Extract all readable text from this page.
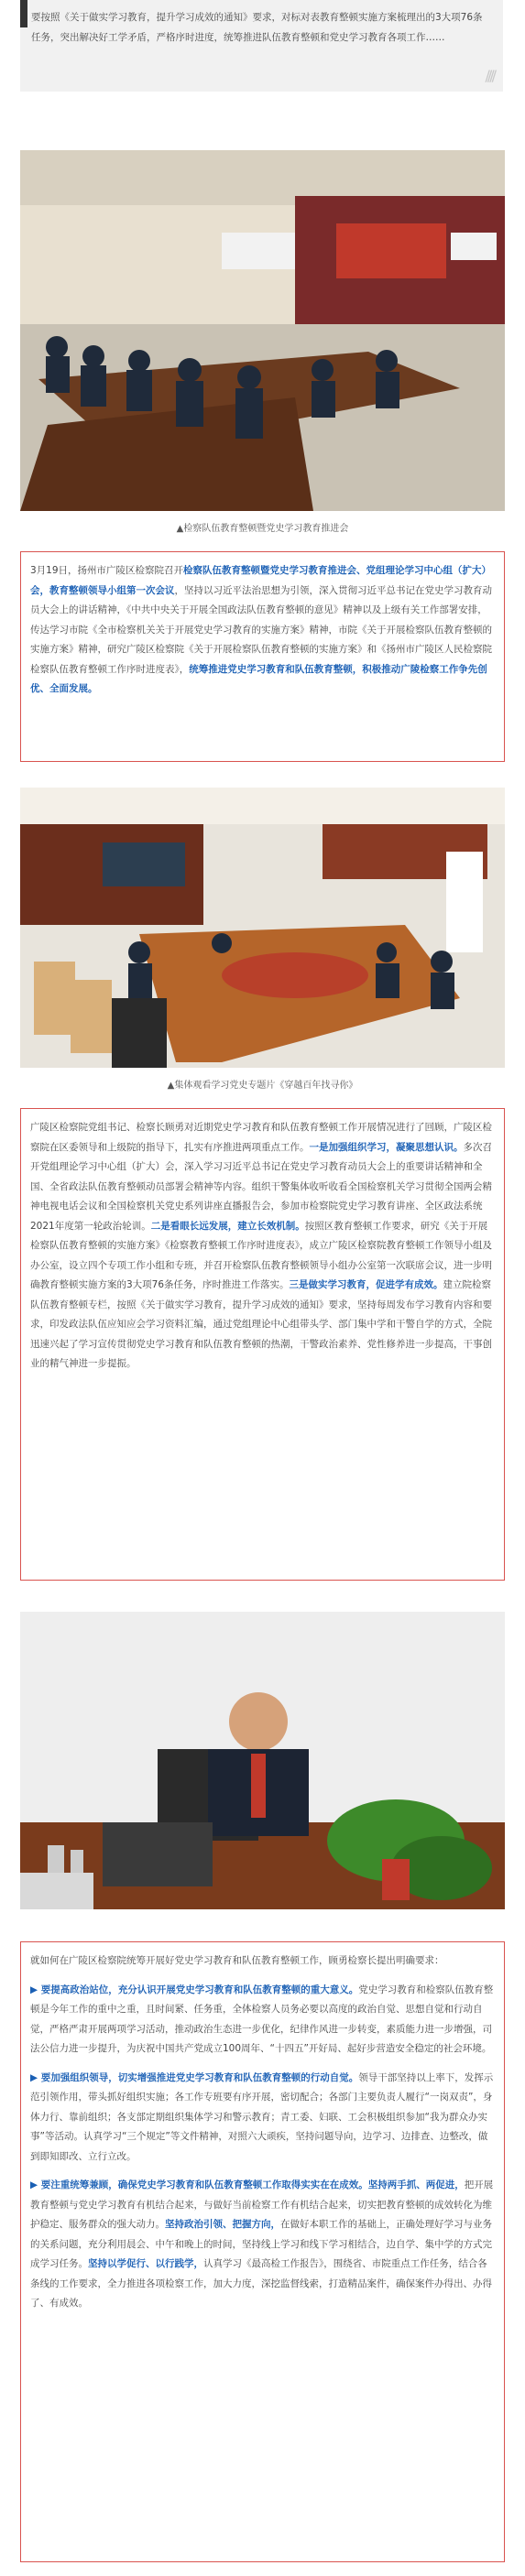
要按照《关于做实学习教育，提升学习成效的通知》要求，对标对表教育整顿实施方案梳理出的3大项76条任务，突出解决好工学矛盾，严格序时进度，统筹推进队伍教育整顿和党史学习教育各项工作……
////
▲检察队伍教育整顿暨党史学习教育推进会
3月19日，扬州市广陵区检察院召开检察队伍教育整顿暨党史学习教育推进会、党组理论学习中心组（扩大）会，教育整顿领导小组第一次会议，坚持以习近平法治思想为引领，深入贯彻习近平总书记在党史学习教育动员大会上的讲话精神，《中共中央关于开展全国政法队伍教育整顿的意见》精神以及上级有关工作部署安排，传达学习市院《全市检察机关关于开展党史学习教育的实施方案》精神，市院《关于开展检察队伍教育整顿的实施方案》精神，研究广陵区检察院《关于开展检察队伍教育整顿的实施方案》和《扬州市广陵区人民检察院检察队伍教育整顿工作序时进度表》，统筹推进党史学习教育和队伍教育整顿，积极推动广陵检察工作争先创优、全面发展。
▲集体观看学习党史专题片《穿越百年找寻你》
广陵区检察院党组书记、检察长顾勇对近期党史学习教育和队伍教育整顿工作开展情况进行了回顾，广陵区检察院在区委领导和上级院的指导下，扎实有序推进两项重点工作。一是加强组织学习，凝聚思想认识。多次召开党组理论学习中心组（扩大）会，深入学习习近平总书记在党史学习教育动员大会上的重要讲话精神和全国、全省政法队伍教育整顿动员部署会精神等内容。组织干警集体收听收看全国检察机关学习贯彻全国两会精神电视电话会议和全国检察机关党史系列讲座直播报告会，参加市检察院党史学习教育讲座、全区政法系统2021年度第一轮政治轮训。二是看眼长远发展，建立长效机制。按照区教育整顿工作要求，研究《关于开展检察队伍教育整顿的实施方案》《检察教育整顿工作序时进度表》，成立广陵区检察院教育整顿工作领导小组及办公室，设立四个专项工作小组和专班，并召开检察队伍教育整顿领导小组办公室第一次联席会议，进一步明确教育整顿实施方案的3大项76条任务，序时推进工作落实。三是做实学习教育，促进学有成效。建立院检察队伍教育整顿专栏，按照《关于做实学习教育，提升学习成效的通知》要求，坚持每周发布学习教育内容和要求，印发政法队伍应知应会学习资料汇编，通过党组理论中心组带头学、部门集中学和干警自学的方式，全院迅速兴起了学习宣传贯彻党史学习教育和队伍教育整顿的热潮，干警政治素养、党性修养进一步提高，干事创业的精气神进一步提振。
就如何在广陵区检察院统筹开展好党史学习教育和队伍教育整顿工作，顾勇检察长提出明确要求：
▶ 要提高政治站位，充分认识开展党史学习教育和队伍教育整顿的重大意义。党史学习教育和检察队伍教育整顿是今年工作的重中之重，且时间紧、任务重，全体检察人员务必要以高度的政治自觉、思想自觉和行动自觉，严格严肃开展两项学习活动，推动政治生态进一步优化，纪律作风进一步转变，素质能力进一步增强，司法公信力进一步提升，为庆祝中国共产党成立100周年、“十四五”开好局、起好步营造安全稳定的社会环境。
▶ 要加强组织领导，切实增强推进党史学习教育和队伍教育整顿的行动自觉。领导干部坚持以上率下，发挥示范引领作用，带头抓好组织实施；各工作专班要有序开展，密切配合；各部门主要负责人履行“一岗双责”，身体力行、靠前组织；各支部定期组织集体学习和警示教育；青工委、妇联、工会积极组织参加“我为群众办实事”等活动。认真学习“三个规定”等文件精神，对照六大顽疾，坚持问题导向，边学习、边排查、边整改，做到即知即改、立行立改。
▶ 要注重统筹兼顾，确保党史学习教育和队伍教育整顿工作取得实实在在成效。坚持两手抓、两促进，把开展教育整顿与党史学习教育有机结合起来，与做好当前检察工作有机结合起来，切实把教育整顿的成效转化为维护稳定、服务群众的强大动力。坚持政治引领、把握方向，在做好本职工作的基础上，正确处理好学习与业务的关系问题，充分利用晨会、中午和晚上的时间，坚持线上学习和线下学习相结合，边自学、集中学的方式完成学习任务。坚持以学促行、以行践学，认真学习《最高检工作报告》，围绕省、市院重点工作任务，结合各条线的工作要求，全力推进各项检察工作，加大力度，深挖监督线索，打造精品案件，确保案件办得出、办得了、有成效。
